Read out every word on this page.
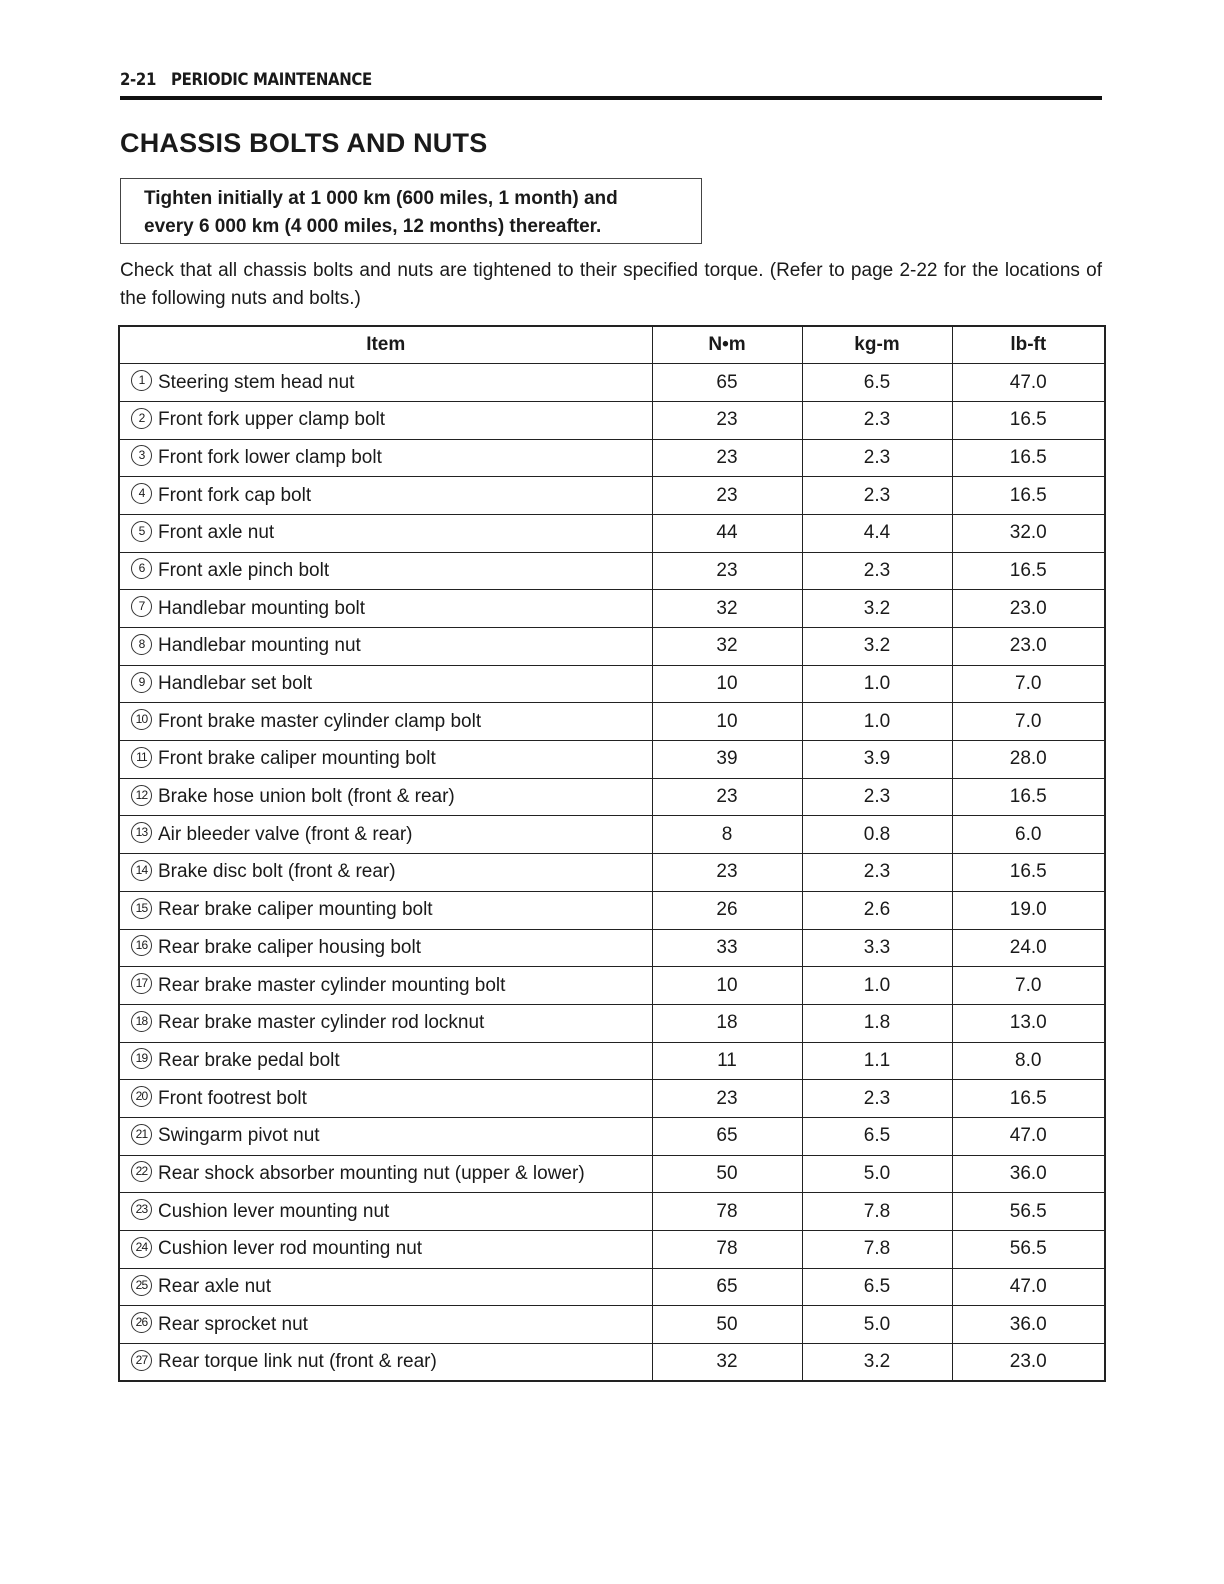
2-21 PERIODIC MAINTENANCE
CHASSIS BOLTS AND NUTS
Tighten initially at 1 000 km (600 miles, 1 month) and
every 6 000 km (4 000 miles, 12 months) thereafter.

Check that all chassis bolts and nuts are tightened to their specified torque. (Refer to page 2-22 for the locations of the following nuts and bolts.)

Item	N•m	kg-m	lb-ft
1 Steering stem head nut	65	6.5	47.0
2 Front fork upper clamp bolt	23	2.3	16.5
3 Front fork lower clamp bolt	23	2.3	16.5
4 Front fork cap bolt	23	2.3	16.5
5 Front axle nut	44	4.4	32.0
6 Front axle pinch bolt	23	2.3	16.5
7 Handlebar mounting bolt	32	3.2	23.0
8 Handlebar mounting nut	32	3.2	23.0
9 Handlebar set bolt	10	1.0	7.0
10 Front brake master cylinder clamp bolt	10	1.0	7.0
11 Front brake caliper mounting bolt	39	3.9	28.0
12 Brake hose union bolt (front & rear)	23	2.3	16.5
13 Air bleeder valve (front & rear)	8	0.8	6.0
14 Brake disc bolt (front & rear)	23	2.3	16.5
15 Rear brake caliper mounting bolt	26	2.6	19.0
16 Rear brake caliper housing bolt	33	3.3	24.0
17 Rear brake master cylinder mounting bolt	10	1.0	7.0
18 Rear brake master cylinder rod locknut	18	1.8	13.0
19 Rear brake pedal bolt	11	1.1	8.0
20 Front footrest bolt	23	2.3	16.5
21 Swingarm pivot nut	65	6.5	47.0
22 Rear shock absorber mounting nut (upper & lower)	50	5.0	36.0
23 Cushion lever mounting nut	78	7.8	56.5
24 Cushion lever rod mounting nut	78	7.8	56.5
25 Rear axle nut	65	6.5	47.0
26 Rear sprocket nut	50	5.0	36.0
27 Rear torque link nut (front & rear)	32	3.2	23.0
